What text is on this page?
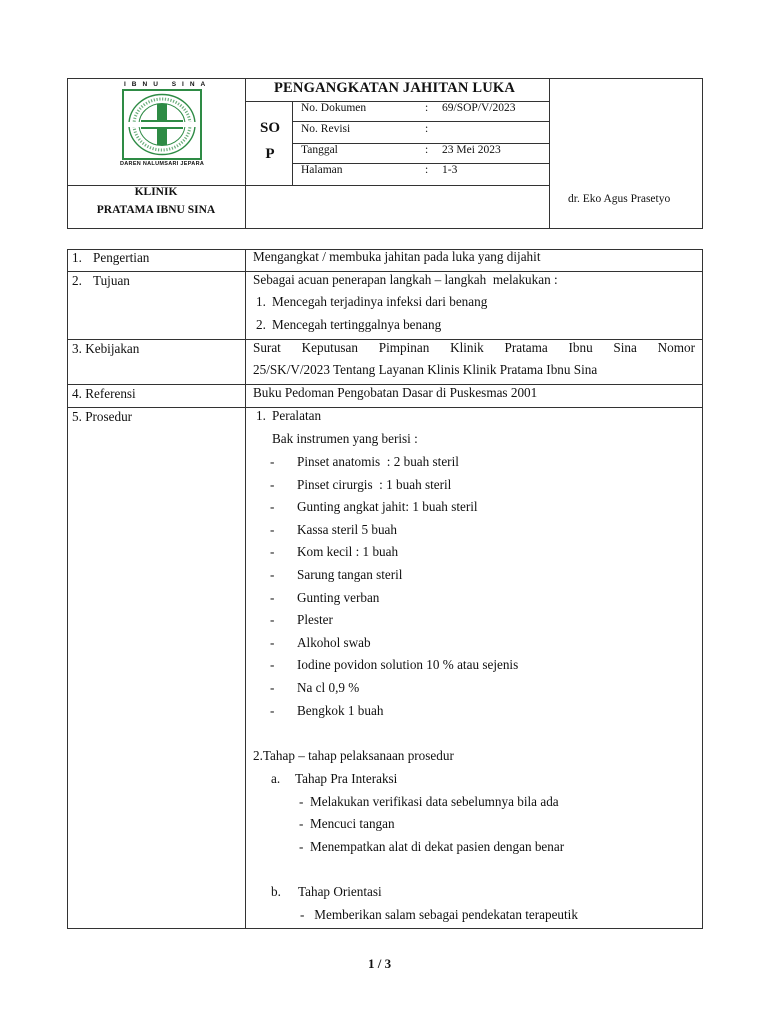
IBNU SINA
DAREN NALUMSARI JEPARA
PENGANGKATAN JAHITAN LUKA
SO
P
No. Dokumen	: 69/SOP/V/2023
No. Revisi	:
Tanggal	: 23 Mei 2023
Halaman	: 1-3
KLINIK
PRATAMA IBNU SINA
dr. Eko Agus Prasetyo
1. Pengertian	Mengangkat / membuka jahitan pada luka yang dijahit
2. Tujuan	Sebagai acuan penerapan langkah – langkah  melakukan :
1. Mencegah terjadinya infeksi dari benang
2. Mencegah tertinggalnya benang
3. Kebijakan	Surat Keputusan Pimpinan Klinik Pratama Ibnu Sina Nomor
25/SK/V/2023 Tentang Layanan Klinis Klinik Pratama Ibnu Sina
4. Referensi	Buku Pedoman Pengobatan Dasar di Puskesmas 2001
5. Prosedur	1. Peralatan
Bak instrumen yang berisi :
- Pinset anatomis  : 2 buah steril
- Pinset cirurgis  : 1 buah steril
- Gunting angkat jahit: 1 buah steril
- Kassa steril 5 buah
- Kom kecil : 1 buah
- Sarung tangan steril
- Gunting verban
- Plester
- Alkohol swab
- Iodine povidon solution 10 % atau sejenis
- Na cl 0,9 %
- Bengkok 1 buah
2.Tahap – tahap pelaksanaan prosedur
a. Tahap Pra Interaksi
- Melakukan verifikasi data sebelumnya bila ada
- Mencuci tangan
- Menempatkan alat di dekat pasien dengan benar
b. Tahap Orientasi
- Memberikan salam sebagai pendekatan terapeutik
1 / 3
